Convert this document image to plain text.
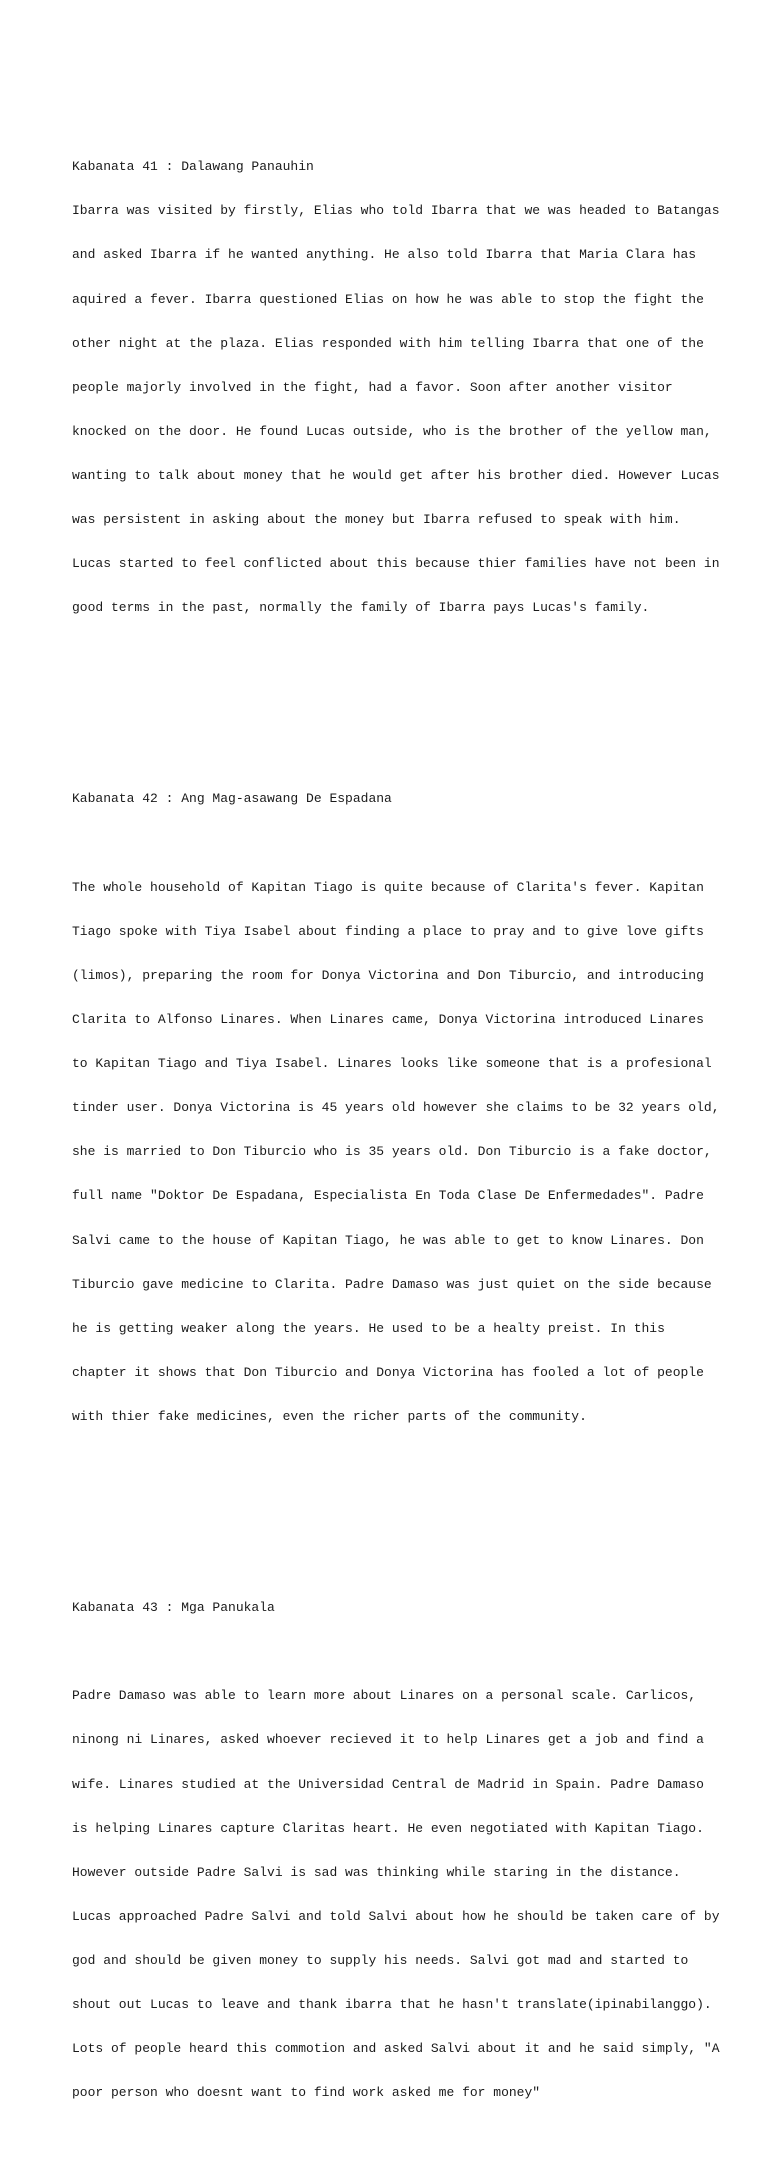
Kabanata 41 : Dalawang Panauhin

Ibarra was visited by firstly, Elias who told Ibarra that we was headed to Batangas

and asked Ibarra if he wanted anything. He also told Ibarra that Maria Clara has

aquired a fever. Ibarra questioned Elias on how he was able to stop the fight the

other night at the plaza. Elias responded with him telling Ibarra that one of the

people majorly involved in the fight, had a favor. Soon after another visitor

knocked on the door. He found Lucas outside, who is the brother of the yellow man,

wanting to talk about money that he would get after his brother died. However Lucas

was persistent in asking about the money but Ibarra refused to speak with him.

Lucas started to feel conflicted about this because thier families have not been in

good terms in the past, normally the family of Ibarra pays Lucas's family.

Kabanata 42 : Ang Mag-asawang De Espadana

The whole household of Kapitan Tiago is quite because of Clarita's fever. Kapitan

Tiago spoke with Tiya Isabel about finding a place to pray and to give love gifts

(limos), preparing the room for Donya Victorina and Don Tiburcio, and introducing

Clarita to Alfonso Linares. When Linares came, Donya Victorina introduced Linares

to Kapitan Tiago and Tiya Isabel. Linares looks like someone that is a profesional

tinder user. Donya Victorina is 45 years old however she claims to be 32 years old,

she is married to Don Tiburcio who is 35 years old. Don Tiburcio is a fake doctor,

full name "Doktor De Espadana, Especialista En Toda Clase De Enfermedades". Padre

Salvi came to the house of Kapitan Tiago, he was able to get to know Linares. Don

Tiburcio gave medicine to Clarita. Padre Damaso was just quiet on the side because

he is getting weaker along the years. He used to be a healty preist. In this

chapter it shows that Don Tiburcio and Donya Victorina has fooled a lot of people

with thier fake medicines, even the richer parts of the community.

Kabanata 43 : Mga Panukala

Padre Damaso was able to learn more about Linares on a personal scale. Carlicos,

ninong ni Linares, asked whoever recieved it to help Linares get a job and find a

wife. Linares studied at the Universidad Central de Madrid in Spain. Padre Damaso

is helping Linares capture Claritas heart. He even negotiated with Kapitan Tiago.

However outside Padre Salvi is sad was thinking while staring in the distance.

Lucas approached Padre Salvi and told Salvi about how he should be taken care of by

god and should be given money to supply his needs. Salvi got mad and started to

shout out Lucas to leave and thank ibarra that he hasn't translate(ipinabilanggo).

Lots of people heard this commotion and asked Salvi about it and he said simply, "A

poor person who doesnt want to find work asked me for money"
